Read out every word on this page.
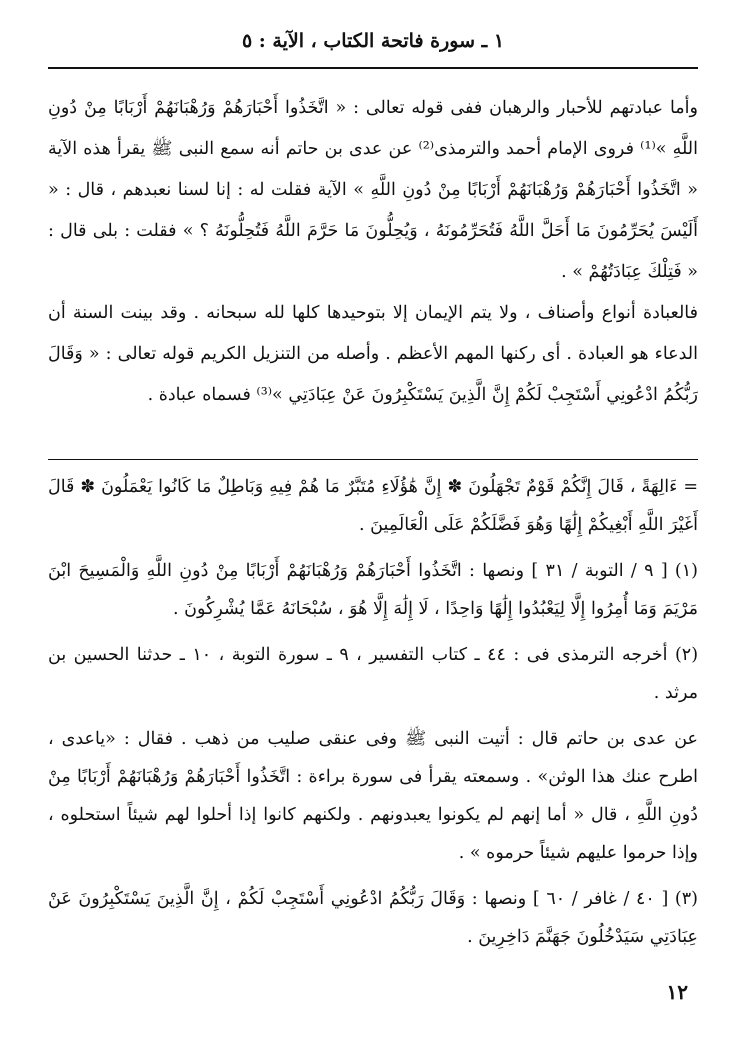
١ ـ سورة فاتحة الكتاب ، الآية : ٥

وأما عبادتهم للأحبار والرهبان ففى قوله تعالى : « اتَّخَذُوا أَحْبَارَهُمْ وَرُهْبَانَهُمْ أَرْبَابًا مِنْ دُونِ اللَّهِ »⁽¹⁾ فروى الإمام أحمد والترمذى⁽²⁾ عن عدى بن حاتم أنه سمع النبى ﷺ يقرأ هذه الآية « اتَّخَذُوا أَحْبَارَهُمْ وَرُهْبَانَهُمْ أَرْبَابًا مِنْ دُونِ اللَّهِ » الآية فقلت له : إنا لسنا نعبدهم ، قال : « أَلَيْسَ يُحَرِّمُونَ مَا أَحَلَّ اللَّهُ فَتُحَرِّمُونَهُ ، وَيُحِلُّونَ مَا حَرَّمَ اللَّهُ فَتُحِلُّونَهُ ؟ » فقلت : بلى قال : « فَتِلْكَ عِبَادَتُهُمْ » .

فالعبادة أنواع وأصناف ، ولا يتم الإيمان إلا بتوحيدها كلها لله سبحانه . وقد بينت السنة أن الدعاء هو العبادة . أى ركنها المهم الأعظم . وأصله من التنزيل الكريم قوله تعالى : « وَقَالَ رَبُّكُمُ ادْعُونِي أَسْتَجِبْ لَكُمْ إِنَّ الَّذِينَ يَسْتَكْبِرُونَ عَنْ عِبَادَتِي »⁽³⁾ فسماه عبادة .

= ءَالِهَةً ، قَالَ إِنَّكُمْ قَوْمٌ تَجْهَلُونَ ✽ إِنَّ هَٰؤُلَاءِ مُتَبَّرٌ مَا هُمْ فِيهِ وَبَاطِلٌ مَا كَانُوا يَعْمَلُونَ ✽ قَالَ أَغَيْرَ اللَّهِ أَبْغِيكُمْ إِلَٰهًا وَهُوَ فَضَّلَكُمْ عَلَى الْعَالَمِينَ .

(١) [ ٩ / التوبة / ٣١ ] ونصها : اتَّخَذُوا أَحْبَارَهُمْ وَرُهْبَانَهُمْ أَرْبَابًا مِنْ دُونِ اللَّهِ وَالْمَسِيحَ ابْنَ مَرْيَمَ وَمَا أُمِرُوا إِلَّا لِيَعْبُدُوا إِلَٰهًا وَاحِدًا ، لَا إِلَٰهَ إِلَّا هُوَ ، سُبْحَانَهُ عَمَّا يُشْرِكُونَ .

(٢) أخرجه الترمذى فى : ٤٤ ـ كتاب التفسير ، ٩ ـ سورة التوبة ، ١٠ ـ حدثنا الحسين بن مرثد .

عن عدى بن حاتم قال : أتيت النبى ﷺ وفى عنقى صليب من ذهب . فقال : «ياعدى ، اطرح عنك هذا الوثن» . وسمعته يقرأ فى سورة براءة : اتَّخَذُوا أَحْبَارَهُمْ وَرُهْبَانَهُمْ أَرْبَابًا مِنْ دُونِ اللَّهِ ، قال « أما إنهم لم يكونوا يعبدونهم . ولكنهم كانوا إذا أحلوا لهم شيئاً استحلوه ، وإذا حرموا عليهم شيئاً حرموه » .

(٣) [ ٤٠ / غافر / ٦٠ ] ونصها : وَقَالَ رَبُّكُمُ ادْعُونِي أَسْتَجِبْ لَكُمْ ، إِنَّ الَّذِينَ يَسْتَكْبِرُونَ عَنْ عِبَادَتِي سَيَدْخُلُونَ جَهَنَّمَ دَاخِرِينَ .

١٢
